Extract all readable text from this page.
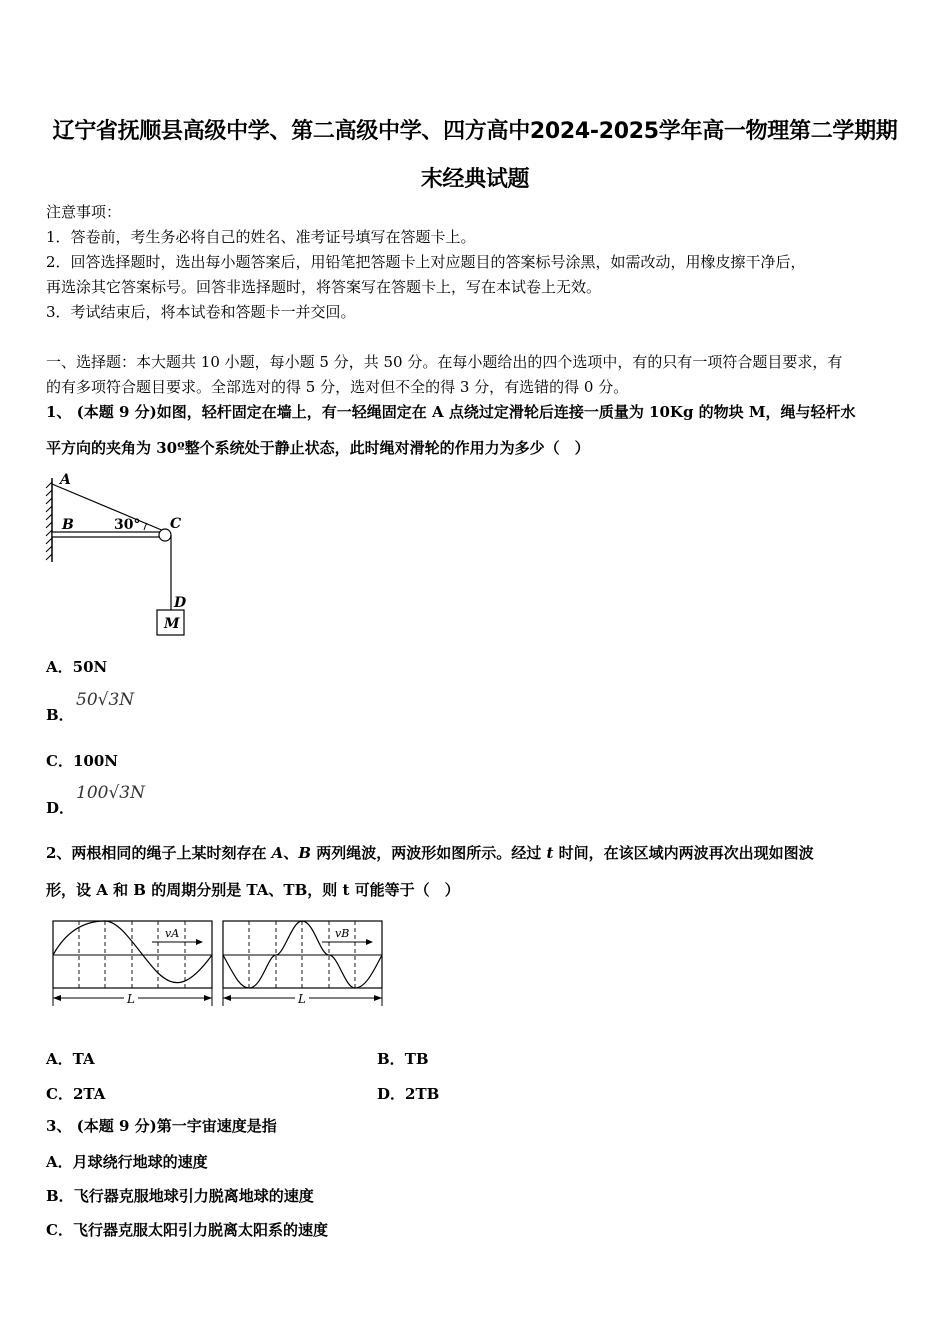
辽宁省抚顺县高级中学、第二高级中学、四方高中2024-2025学年高一物理第二学期期
末经典试题
注意事项：
1．答卷前，考生务必将自己的姓名、准考证号填写在答题卡上。
2．回答选择题时，选出每小题答案后，用铅笔把答题卡上对应题目的答案标号涂黑，如需改动，用橡皮擦干净后，
再选涂其它答案标号。回答非选择题时，将答案写在答题卡上，写在本试卷上无效。
3．考试结束后，将本试卷和答题卡一并交回。
一、选择题：本大题共 10 小题，每小题 5 分，共 50 分。在每小题给出的四个选项中，有的只有一项符合题目要求，有
的有多项符合题目要求。全部选对的得 5 分，选对但不全的得 3 分，有选错的得 0 分。
1、 (本题 9 分)如图，轻杆固定在墙上，有一轻绳固定在 A 点绕过定滑轮后连接一质量为 10Kg 的物块 M，绳与轻杆水
平方向的夹角为 30º整个系统处于静止状态，此时绳对滑轮的作用力为多少（　）
A
B	30° C
D
M
A．50N
B．
50√3N
C．100N
D．
100√3N
2、两根相同的绳子上某时刻存在 A、B 两列绳波，两波形如图所示。经过 t 时间，在该区域内两波再次出现如图波
形，设 A 和 B 的周期分别是 TA、TB，则 t 可能等于（　）
vA
L
vB
L
A．TA	B．TB
C．2TA	D．2TB
3、 (本题 9 分)第一宇宙速度是指
A．月球绕行地球的速度
B．飞行器克服地球引力脱离地球的速度
C．飞行器克服太阳引力脱离太阳系的速度
